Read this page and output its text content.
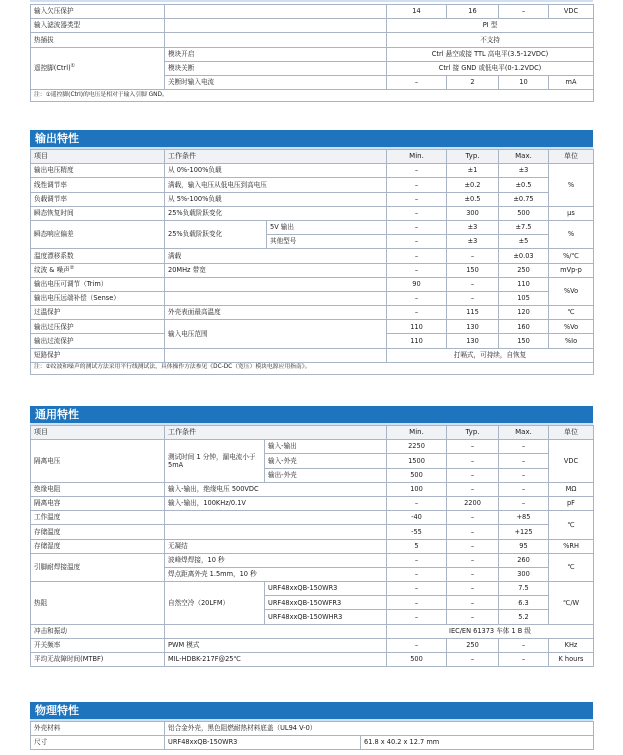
输入欠压保护		14	16	–	VDC
输入滤波器类型		PI 型			
热插拔		不支持			
遥控脚(Ctrl)①	模块开启	Ctrl 悬空或接 TTL 高电平(3.5-12VDC)			
	模块关断	Ctrl 接 GND 或低电平(0-1.2VDC)			
	关断时输入电流	–	2	10	mA
注：①遥控脚(Ctrl)的电压是相对于输入引脚 GND。					
输出特性
项目	工作条件		Min.	Typ.	Max.	单位
输出电压精度	从 0%-100%负载		–	±1	±3	%
线性调节率	满载，输入电压从低电压到高电压		–	±0.2	±0.5	
负载调节率	从 5%-100%负载		–	±0.5	±0.75	
瞬态恢复时间	25%负载阶跃变化		–	300	500	μs
瞬态响应偏差	25%负载阶跃变化	5V 输出	–	±3	±7.5	%
		其他型号	–	±3	±5	
温度漂移系数	满载		–	–	±0.03	%/℃
纹波 & 噪声②	20MHz 带宽		–	150	250	mVp-p
输出电压可调节（Trim）			90	–	110	%Vo
输出电压远端补偿（Sense）			–	–	105	
过温保护	外壳表面最高温度		–	115	120	℃
输出过压保护	输入电压范围		110	130	160	%Vo
输出过流保护			110	130	150	%Io
短路保护			打嗝式，可持续，自恢复			
注：②纹波和噪声的测试方法采用平行线测试法，具体操作方法参见《DC-DC（宽压）模块电源应用指南》。						
通用特性
项目	工作条件		Min.	Typ.	Max.	单位
隔离电压	测试时间 1 分钟，漏电流小于 5mA	输入-输出	2250	–	–	VDC
		输入-外壳	1500	–	–	
		输出-外壳	500	–	–	
绝缘电阻	输入-输出，绝缘电压 500VDC		100	–	–	MΩ
隔离电容	输入-输出，100KHz/0.1V		–	2200	–	pF
工作温度			-40	–	+85	℃
存储温度			-55	–	+125	
存储湿度	无凝结		5	–	95	%RH
引脚耐焊接温度	波峰焊焊接，10 秒		–	–	260	℃
	焊点距离外壳 1.5mm，10 秒		–	–	300	
热阻	自然空冷（20LFM）	URF48xxQB-150WR3	–	–	7.5	℃/W
		URF48xxQB-150WFR3	–	–	6.3	
		URF48xxQB-150WHR3	–	–	5.2	
冲击和振动			IEC/EN 61373 车体 1 B 级			
开关频率	PWM 模式		–	250	–	KHz
平均无故障时间(MTBF)	MIL-HDBK-217F@25℃		500	–	–	K hours
物理特性
外壳材料	铝合金外壳，黑色阻燃耐热材料底盖（UL94 V-0）	
尺寸	URF48xxQB-150WR3	61.8 x 40.2 x 12.7 mm
